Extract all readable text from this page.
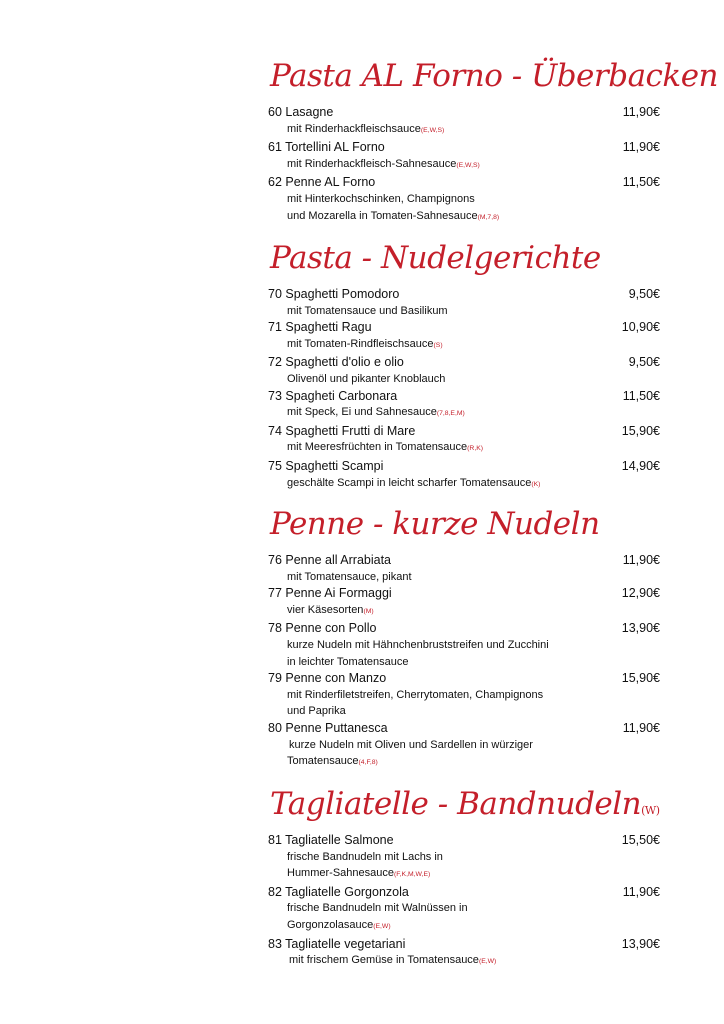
Pasta AL Forno - Überbacken
60 Lasagne	11,90€
mit Rinderhackfleischsauce(E,W,S)
61 Tortellini AL Forno	11,90€
mit Rinderhackfleisch-Sahnesauce(E,W,S)
62 Penne AL Forno	11,50€
mit Hinterkochschinken, Champignons
und Mozarella in Tomaten-Sahnesauce(M,7,8)
Pasta - Nudelgerichte
70 Spaghetti Pomodoro	9,50€
mit Tomatensauce und Basilikum
71 Spaghetti Ragu	10,90€
mit Tomaten-Rindfleischsauce(S)
72 Spaghetti d'olio e olio	9,50€
Olivenöl und pikanter Knoblauch
73 Spagheti Carbonara	11,50€
mit Speck, Ei und Sahnesauce(7,8,E,M)
74 Spaghetti Frutti di Mare	15,90€
mit Meeresfrüchten in Tomatensauce(R,K)
75 Spaghetti Scampi	14,90€
geschälte Scampi in leicht scharfer Tomatensauce(K)
Penne - kurze Nudeln
76 Penne all Arrabiata	11,90€
mit Tomatensauce, pikant
77 Penne Ai Formaggi	12,90€
vier Käsesorten(M)
78 Penne con Pollo	13,90€
kurze Nudeln mit Hähnchenbruststreifen und Zucchini
in leichter Tomatensauce
79 Penne con Manzo	15,90€
mit Rinderfiletstreifen, Cherrytomaten, Champignons
und Paprika
80 Penne Puttanesca	11,90€
kurze Nudeln mit Oliven und Sardellen in würziger
Tomatensauce(4,F,8)
Tagliatelle - Bandnudeln(W)
81 Tagliatelle Salmone	15,50€
frische Bandnudeln mit Lachs in
Hummer-Sahnesauce(F,K,M,W,E)
82 Tagliatelle Gorgonzola	11,90€
frische Bandnudeln mit Walnüssen in
Gorgonzolasauce(E,W)
83 Tagliatelle vegetariani	13,90€
mit frischem Gemüse in Tomatensauce(E,W)
